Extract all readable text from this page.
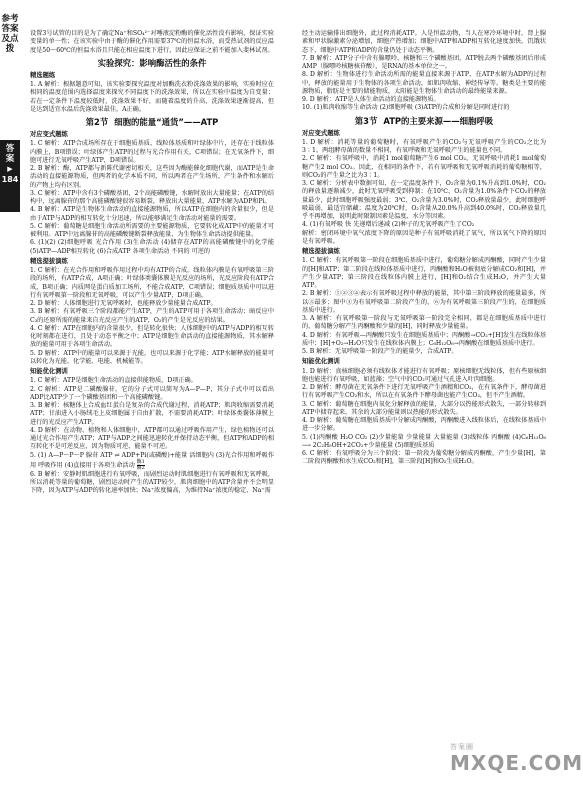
参考答案及点拨
答案
▶
184

设置3号试管的目的是为了确定Na⁺和SO₄²⁻对唾液淀粉酶的催化活性没有影响，保证实验变量的单一性；在该实验中由于酶的催化作用需要37℃的恒温水浴，而受热试剂的反应温度是50～60℃的恒温水浴且只能在相应温度下进行，因此应保证之前不能加入斐林试剂。

实验探究：影响酶活性的条件
精选题练

1. A 解析：根据题意可知，该实验要探究温度对加酶洗衣粉洗涤效果的影响，实验时应在相同的温度范围内选择温度来探究不同温度下的洗涤效果，所以在实验中温度为自变量；若在一定条件下温度较低时，洗涤效果不好，而随着温度的升高，洗涤效果逐渐提高，但是达到适宜水温后洗涤效果最佳，A正确。

第2节 细胞的能量“通货”——ATP
对应变式题练

1. C 解析：ATP合成场所存在于细胞质基质、线粒体基质和叶绿体中片，还存在于线粒体内膜上，B项错误；叶绿体产生ATP的过程与光合作用有关，C项错误；在无氧条件下，细胞可进行无氧呼吸产生ATP，D项错误。

2. B 解析：酶，ATP都与新陈代谢密切相关，这些因为酶能催化细胞代谢，而ATP是生命活动的直接能源物质，但两者的化学本质不同，所以两者在产生场所、产生条件和水解后的产物上均有区别。

3. C 解析：ATP中含有3个磷酸基团，2个高能磷酸键，水解时放出大量能量；在ATP的结构中，远离腺苷的那个高能磷酸键很容易断裂，释放出大量能量，ATP水解为ADP和Pi。

4. B 解析：ATP是生物体生命活动的直接能源物质，所以ATP在细胞内的含量很少，但是由于ATP与ADP的相互转化十分迅速，所以能够满足生命活动对能量的需要。

5. C 解析：葡萄糖是细胞生命活动所需要的主要能源物质，它要转化成ATP中的能量才可被利用。ATP中远离腺苷的高能磷酸键断裂释放能量，为生物体生命活动提供能量。

6. (1)(2) (2)细胞呼吸 光合作用 (3)生命活动 (4)储存在ATP的高能磷酸键中的化学能 (5)ATP—ADP相互转化 (6)合成ATP 各项生命活动 不同的 可逆的

精选提拔演练

1. C 解析：在光合作用和呼吸作用过程中均有ATP的合成。线粒体内膜是有氧呼吸第三阶段的场所，有ATP合成，A项正确；叶绿体类囊体膜是光反应的场所，光反应阶段有ATP合成，B项正确；内质网是蛋白质加工场所，不能合成ATP，C项错误；细胞质基质中可以进行有氧呼吸第一阶段和无氧呼吸，可以产生少量ATP，D项正确。

2. D 解析：人体细胞进行无氧呼吸时，也能释放少量能量合成ATP。

3. B 解析：有氧呼吸三个阶段都能产生ATP，产生的ATP可用于各项生命活动；暗反应中C₃的还原所需的能量来自光反应产生的ATP，O₂的产生是光反应的结果。

4. C 解析：ATP在细胞内的含量很少，但是转化很快；人体细胞中的ATP与ADP的相互转化时刻都在进行，且处于动态平衡之中；ATP是细胞生命活动的直接能源物质，其水解释放的能量可用于各项生命活动。

5. D 解析：ATP中的能量可以来源于光能，也可以来源于化学能；ATP水解释放的能量可以转化为光能、化学能、电能、机械能等。

知能优化测训

1. C 解析：ATP是细胞生命活动的直接供能物质，D项正确。

2. C 解析：ATP是二磷酸腺苷，它的分子式可以简写为A—P—P，其分子式中可以看出ADP比ATP少了一个磷酸基团和一个高能磷酸键。

3. B 解析：核糖体上合成血红蛋白是复杂的合成代谢过程，消耗ATP；肌肉收缩需要消耗ATP；甘油进入小肠绒毛上皮细胞属于自由扩散，不需要消耗ATP；叶绿体类囊体薄膜上进行的光反应产生ATP。

4. D 解析：在动物、植物和人体细胞中，ATP都可以通过呼吸作用产生，绿色植物还可以通过光合作用产生ATP；ATP与ADP之间能迅速转化并保持动态平衡，但ATP和ADP的相互转化不是可逆反应，因为物质可逆、能量不可逆。

5. (1) A—P～P～P 腺苷 ATP ⇌ ADP+Pi(或磷酸)+能量 活细胞内 (3)光合作用和呼吸作用 呼吸作用 (4)直接用于各项生命活动 $\frac{\text{酶1}}{\text{酶2}}$

6. B 解析：安静时肌细胞进行有氧呼吸，而剧烈运动时肌细胞进行有氧呼吸和无氧呼吸，所以消耗等量的葡萄糖，剧烈运动时产生的ATP较少，肌肉细胞中的ATP含量并不会明显下降，因为ATP与ADP的转化速率加快；Na⁺浓度偏高，为维持Na⁺浓度的稳定，Na⁺需

经主动运输排出细胞外，此过程消耗ATP。人是恒温动物，当人在寒冷环境中时，肾上腺素和甲状腺激素分泌增加，细胞产热增加；细胞中ATP和ADP相互转化速度加快。饥饿状态下，细胞中ATP和ADP的含量仍处于动态平衡。

7. B 解析：ATP分子中含有腺嘌呤、核糖和三个磷酸基团，ATP脱去两个磷酸基团后形成AMP（腺嘌呤核糖核苷酸），是RNA的基本单位之一。

8. D 解析：生物体进行生命活动所需的能量直接来源于ATP，在ATP水解为ADP的过程中，释放的能量用于生物体的各项生命活动，如肌肉收缩、神经传导等。糖类是主要的能源物质，脂肪是主要的储能物质，太阳能是生物体生命活动的最终能量来源。

9. D 解析：ATP是人体生命活动的直接能源物质。

10. (1)肌肉收缩等生命活动 (2)细胞呼吸 (3)ATP的合成和分解是同时进行的

第3节 ATP的主要来源——细胞呼吸
对应变式题练

1. D 解析：消耗等量的葡萄糖时，有氧呼吸产生的CO₂与无氧呼吸产生的CO₂之比为3∶1。两组酵母菌的数量不相同，有氧呼吸和无氧呼吸产生的能量也不同。

2. C 解析：有氧呼吸中，消耗1 mol葡萄糖产生6 mol CO₂，无氧呼吸中消耗1 mol葡萄糖产生2 mol CO₂。因此，在相同的条件下，若有氧呼吸和无氧呼吸消耗的葡萄糖相等，则CO₂的产生量之比为3∶1。

3. C 解析：分析表中数据可知，在一定温度条件下，O₂含量为0.1%升高到1.0%时，CO₂的释放量逐渐减少，此时无氧呼吸受到抑制；在10℃、O₂含量为1.0%条件下CO₂的释放量最少，此时细胞呼吸强度最弱；3℃、O₂含量为3.0%时，CO₂释放量最少，此时细胞呼吸最弱，最适宜储藏；温度为20℃时，O₂含量从20.0%升高到40.0%时，CO₂释放量几乎不再增加，说明此时限制因素是温度、水分等因素。

4. (1)有氧呼吸 快 先递增后递减 (2)种子的无氧呼吸产生了CO₂

解析：密闭环境中氧气浓度下降的原因是种子有氧呼吸消耗了氧气，所以氧气下降的原因是有氧呼吸。

精选提拔演练

1. C 解析：有氧呼吸第一阶段在细胞质基质中进行，葡萄糖分解成丙酮酸，同时产生少量的[H]和ATP；第二阶段在线粒体基质中进行，丙酮酸和H₂O被彻底分解成CO₂和[H]，并产生少量ATP；第三阶段在线粒体内膜上进行，[H]和O₂结合生成H₂O，并产生大量ATP。

2. B 解析：①②③④表示有氧呼吸过程中释放的能量，其中第三阶段释放的能量最多，所以③最多；图中③为有氧呼吸第二阶段产生的，⑥为有氧呼吸第三阶段产生的，在细胞质基质中进行。

3. A 解析：有氧呼吸第一阶段与无氧呼吸第一阶段完全相同，都是在细胞质基质中进行的，葡萄糖分解产生丙酮酸和少量的[H]，同时释放少量能量。

4. D 解析：有氧呼吸—丙酮酸只发生在细胞质基质中；丙酮酸→CO₂+[H]发生在线粒体基质中；[H]+O₂→H₂O只发生在线粒体内膜上；C₆H₁₂O₆→丙酮酸在细胞质基质中进行。

5. B 解析：无氧呼吸第一阶段产生的能量少，合成ATP。

知能优化测训

1. D 解析：真核细胞必须有线粒体才能进行有氧呼吸；原核细胞无线粒体，但有些原核细胞也能进行有氧呼吸，如蓝藻；空气中的CO₂可通过气孔进入叶肉细胞。

2. D 解析：酵母菌在无氧条件下进行无氧呼吸产生酒精和CO₂，在有氧条件下，酵母菌进行有氧呼吸产生CO₂和水，所以在有氧条件下酵母菌也能产生CO₂，但不产生酒精。

3. C 解析：葡萄糖在细胞内氧化分解释放的能量，大部分以热能形式散失，一部分转移到ATP中储存起来，其余的大部分能量则以热能的形式散失。

4. D 解析：葡萄糖在细胞质基质中分解成丙酮酸，丙酮酸进入线粒体后，在线粒体基质中进一步分解。

5. (1)丙酮酸 H₂O CO₂ (2)少量能量 少量能量 大量能量 (3)线粒体 丙酮酸 (4)C₆H₁₂O₆ ⟶ 2C₂H₅OH+2CO₂+少量能量 (5)细胞质基质

6. C 解析：有氧呼吸分为三个阶段：第一阶段为葡萄糖分解成丙酮酸，产生少量[H]，第二阶段丙酮酸和水生成CO₂和[H]，第三阶段[H]和O₂生成H₂O。

答案圈
MXQE.COM
